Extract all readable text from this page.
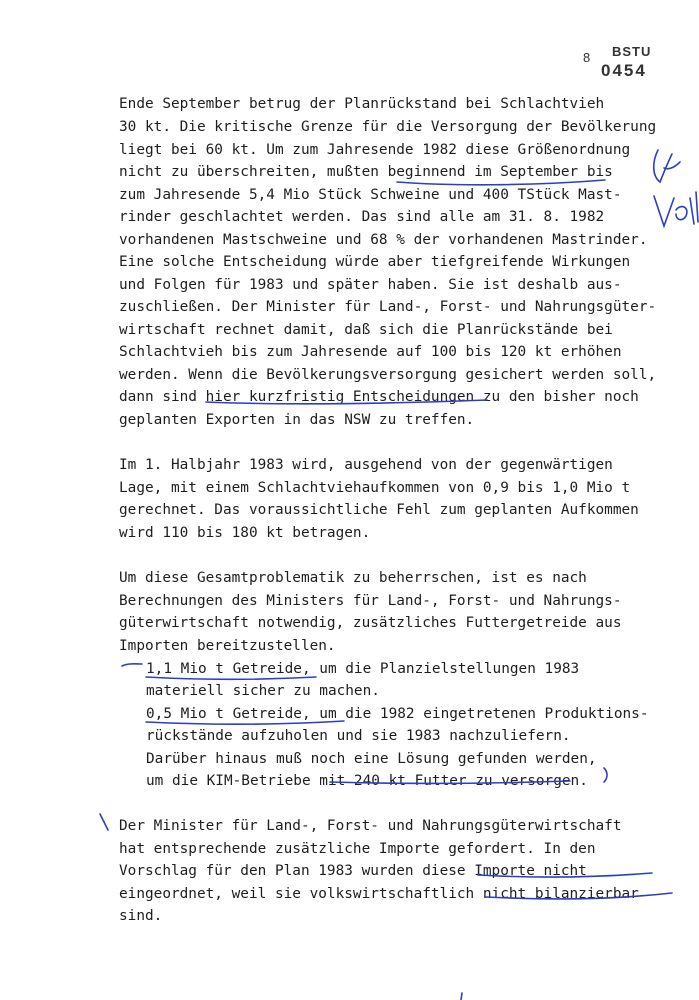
8 BSTU
0454
Ende September betrug der Planrückstand bei Schlachtvieh
30 kt. Die kritische Grenze für die Versorgung der Bevölkerung
liegt bei 60 kt. Um zum Jahresende 1982 diese Größenordnung
nicht zu überschreiten, mußten beginnend im September bis
zum Jahresende 5,4 Mio Stück Schweine und 400 TStück Mast-
rinder geschlachtet werden. Das sind alle am 31. 8. 1982
vorhandenen Mastschweine und 68 % der vorhandenen Mastrinder.
Eine solche Entscheidung würde aber tiefgreifende Wirkungen
und Folgen für 1983 und später haben. Sie ist deshalb aus-
zuschließen. Der Minister für Land-, Forst- und Nahrungsgüter-
wirtschaft rechnet damit, daß sich die Planrückstände bei
Schlachtvieh bis zum Jahresende auf 100 bis 120 kt erhöhen
werden. Wenn die Bevölkerungsversorgung gesichert werden soll,
dann sind hier kurzfristig Entscheidungen zu den bisher noch
geplanten Exporten in das NSW zu treffen.
Im 1. Halbjahr 1983 wird, ausgehend von der gegenwärtigen
Lage, mit einem Schlachtviehaufkommen von 0,9 bis 1,0 Mio t
gerechnet. Das voraussichtliche Fehl zum geplanten Aufkommen
wird 110 bis 180 kt betragen.
Um diese Gesamtproblematik zu beherrschen, ist es nach
Berechnungen des Ministers für Land-, Forst- und Nahrungs-
güterwirtschaft notwendig, zusätzliches Futtergetreide aus
Importen bereitzustellen.
1,1 Mio t Getreide, um die Planzielstellungen 1983
materiell sicher zu machen.
0,5 Mio t Getreide, um die 1982 eingetretenen Produktions-
rückstände aufzuholen und sie 1983 nachzuliefern.
Darüber hinaus muß noch eine Lösung gefunden werden,
um die KIM-Betriebe mit 240 kt Futter zu versorgen.
Der Minister für Land-, Forst- und Nahrungsgüterwirtschaft
hat entsprechende zusätzliche Importe gefordert. In den
Vorschlag für den Plan 1983 wurden diese Importe nicht
eingeordnet, weil sie volkswirtschaftlich nicht bilanzierbar
sind.
